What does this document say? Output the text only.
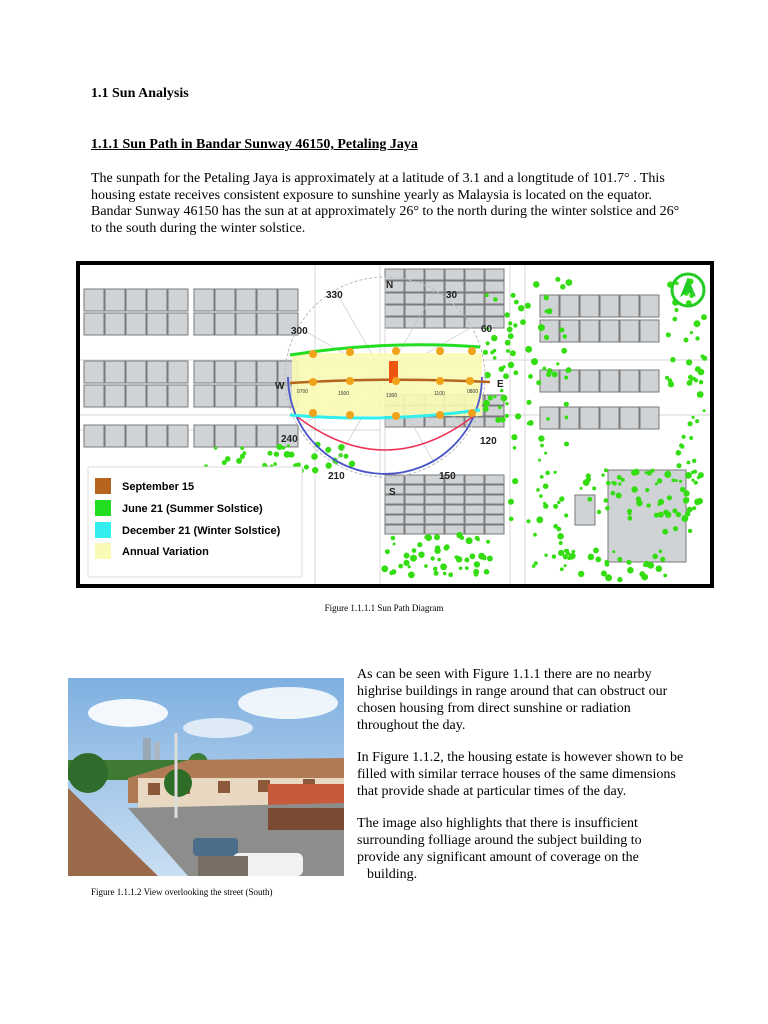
1.1 Sun Analysis
1.1.1 Sun Path in Bandar Sunway 46150, Petaling Jaya

The sunpath for the Petaling Jaya is approximately at a latitude of 3.1 and a longtitude of 101.7° . This housing estate receives consistent exposure to sunshine yearly as Malaysia is located on the equator. Bandar Sunway 46150 has the sun at at approximately 26° to the north during the winter solstice and 26° to the south during the winter solstice.

0700	1500	1300	1100	0800
330
N
30
300	60
W	E
240	120
210	150
S
September 15
June 21 (Summer Solstice)
December 21 (Winter Solstice)
Annual Variation
Figure 1.1.1.1 Sun Path Diagram
Figure 1.1.1.2 View overlooking the street (South)

As can be seen with Figure 1.1.1 there are no nearby highrise buildings in range around that can obstruct our chosen housing from direct sunshine or radiation throughout the day.

In Figure 1.1.2, the housing estate is however shown to be filled with similar terrace houses of the same dimensions that provide shade at particular times of the day.

The image also highlights that there is insufficient surrounding folliage around the subject building to provide any significant amount of coverage on the

building.
